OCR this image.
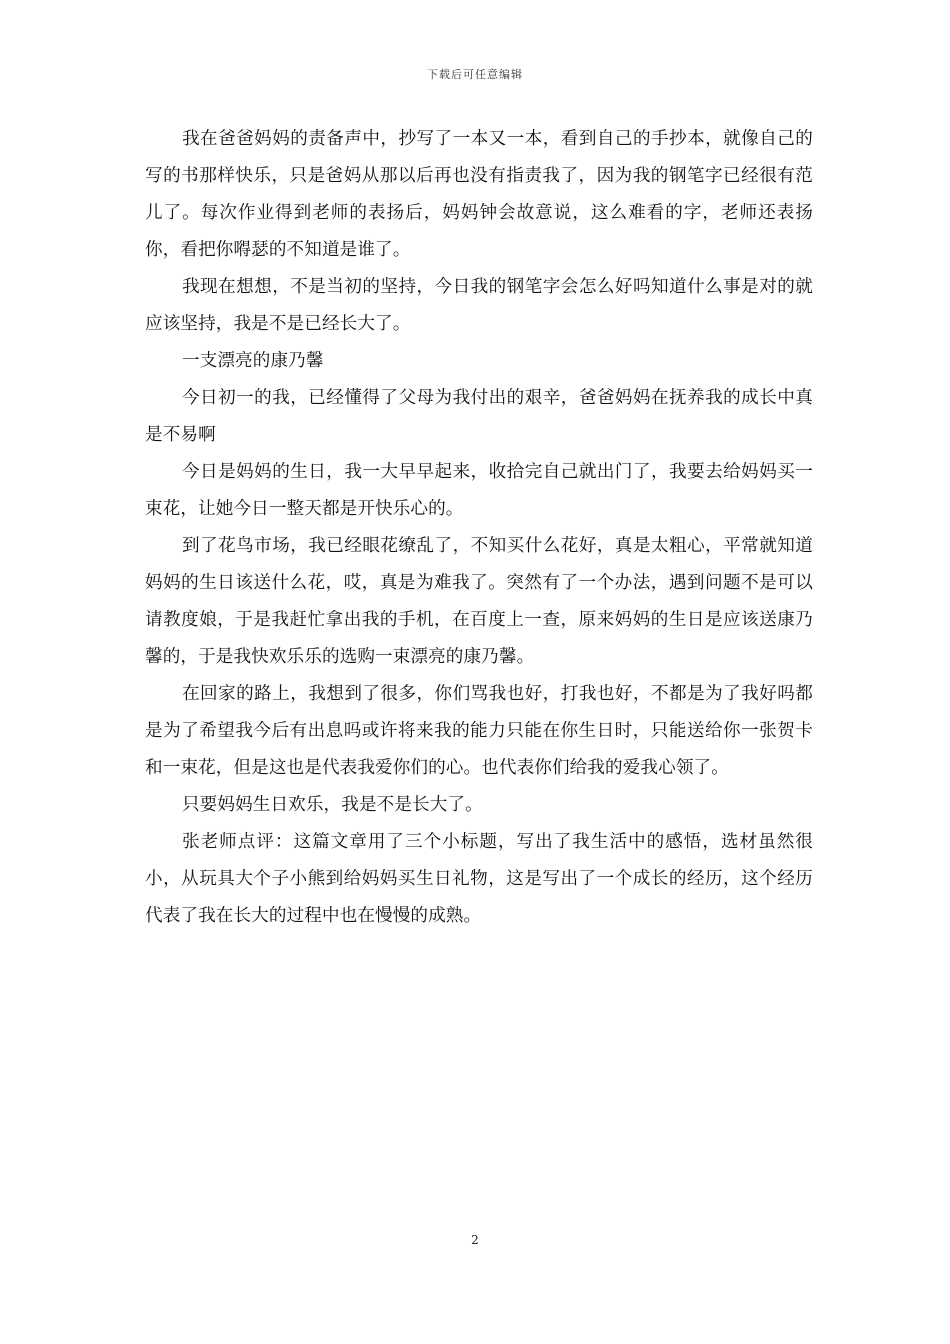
下载后可任意编辑

我在爸爸妈妈的责备声中，抄写了一本又一本，看到自己的手抄本，就像自己的写的书那样快乐，只是爸妈从那以后再也没有指责我了，因为我的钢笔字已经很有范儿了。每次作业得到老师的表扬后，妈妈钟会故意说，这么难看的字，老师还表扬你，看把你嘚瑟的不知道是谁了。

我现在想想，不是当初的坚持，今日我的钢笔字会怎么好吗知道什么事是对的就应该坚持，我是不是已经长大了。

一支漂亮的康乃馨

今日初一的我，已经懂得了父母为我付出的艰辛，爸爸妈妈在抚养我的成长中真是不易啊

今日是妈妈的生日，我一大早早起来，收拾完自己就出门了，我要去给妈妈买一束花，让她今日一整天都是开快乐心的。

到了花鸟市场，我已经眼花缭乱了，不知买什么花好，真是太粗心，平常就知道妈妈的生日该送什么花，哎，真是为难我了。突然有了一个办法，遇到问题不是可以请教度娘，于是我赶忙拿出我的手机，在百度上一查，原来妈妈的生日是应该送康乃馨的，于是我快欢乐乐的选购一束漂亮的康乃馨。

在回家的路上，我想到了很多，你们骂我也好，打我也好，不都是为了我好吗都是为了希望我今后有出息吗或许将来我的能力只能在你生日时，只能送给你一张贺卡和一束花，但是这也是代表我爱你们的心。也代表你们给我的爱我心领了。

只要妈妈生日欢乐，我是不是长大了。

张老师点评：这篇文章用了三个小标题，写出了我生活中的感悟，选材虽然很小，从玩具大个子小熊到给妈妈买生日礼物，这是写出了一个成长的经历，这个经历代表了我在长大的过程中也在慢慢的成熟。

2
